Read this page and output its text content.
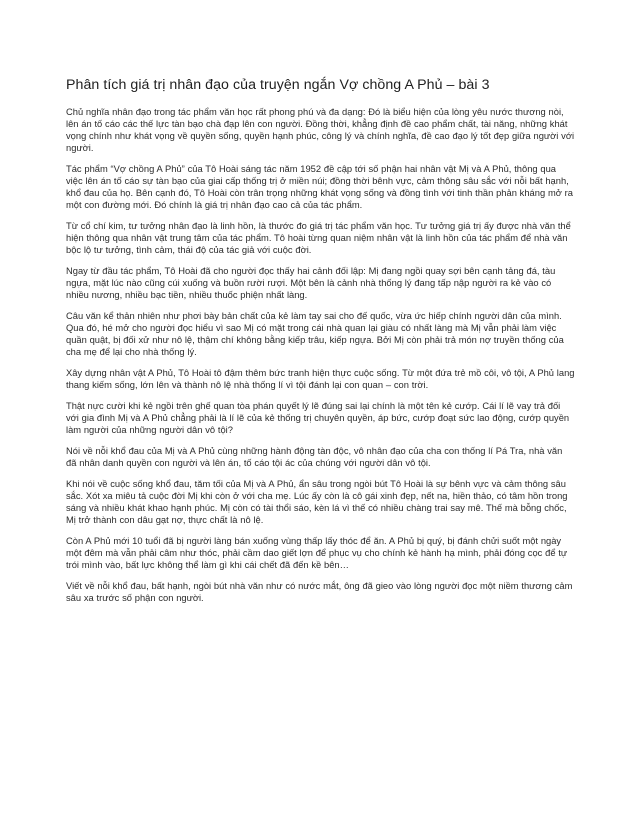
Phân tích giá trị nhân đạo của truyện ngắn Vợ chồng A Phủ – bài 3

Chủ nghĩa nhân đạo trong tác phẩm văn học rất phong phú và đa dạng: Đó là biểu hiện của lòng yêu nước thương nòi, lên án tố cáo các thế lực tàn bạo chà đạp lên con người. Đồng thời, khẳng định đề cao phẩm chất, tài năng, những khát vọng chính như khát vọng về quyền sống, quyền hạnh phúc, công lý và chính nghĩa, đề cao đạo lý tốt đẹp giữa người với người.

Tác phẩm “Vợ chồng A Phủ” của Tô Hoài sáng tác năm 1952 đề cập tới số phận hai nhân vật Mị và A Phủ, thông qua việc lên án tố cáo sự tàn bạo của giai cấp thống trị ở miền núi; đồng thời bênh vực, cảm thông sâu sắc với nỗi bất hạnh, khổ đau của họ. Bên cạnh đó, Tô Hoài còn trân trọng những khát vọng sống và đồng tình với tinh thần phản kháng mở ra một con đường mới. Đó chính là giá trị nhân đạo cao cả của tác phẩm.

Từ cổ chí kim, tư tưởng nhân đạo là linh hồn, là thước đo giá trị tác phẩm văn học. Tư tưởng giá trị ấy được nhà văn thể hiện thông qua nhân vật trung tâm của tác phẩm. Tô hoài từng quan niệm nhân vật là linh hồn của tác phẩm để nhà văn bộc lộ tư tưởng, tình cảm, thái độ của tác giả với cuộc đời.

Ngay từ đầu tác phẩm, Tô Hoài đã cho người đọc thấy hai cảnh đối lập: Mị đang ngồi quay sợi bên cạnh tảng đá, tàu ngựa, mặt lúc nào cũng cúi xuống và buồn rười rượi. Một bên là cảnh nhà thống lý đang tấp nập người ra kẻ vào có nhiều nương, nhiều bạc tiền, nhiều thuốc phiện nhất làng.

Câu văn kể thản nhiên như phơi bày bản chất của kẻ làm tay sai cho đế quốc, vừa ức hiếp chính người dân của mình. Qua đó, hé mở cho người đọc hiểu vì sao Mị có mặt trong cái nhà quan lại giàu có nhất làng mà Mị vẫn phải làm việc quần quật, bị đối xử như nô lệ, thậm chí không bằng kiếp trâu, kiếp ngựa. Bởi Mị còn phải trả món nợ truyền thống của cha mẹ để lại cho nhà thống lý.

Xây dựng nhân vật A Phủ, Tô Hoài tô đậm thêm bức tranh hiện thực cuộc sống. Từ một đứa trẻ mồ côi, vô tội, A Phủ lang thang kiếm sống, lớn lên và thành nô lệ nhà thống lí vì tội đánh lại con quan – con trời.

Thật nực cười khi kẻ ngồi trên ghế quan tòa phán quyết lý lẽ đúng sai lại chính là một tên kẻ cướp. Cái lí lẽ vay trả đối với gia đình Mị và A Phủ chẳng phải là lí lẽ của kẻ thống trị chuyên quyền, áp bức, cướp đoạt sức lao động, cướp quyền làm người của những người dân vô tội?

Nói về nỗi khổ đau của Mị và A Phủ cùng những hành động tàn độc, vô nhân đạo của cha con thống lí Pá Tra, nhà văn đã nhân danh quyền con người và lên án, tố cáo tội ác của chúng với người dân vô tội.

Khi nói về cuộc sống khổ đau, tăm tối của Mị và A Phủ, ẩn sâu trong ngòi bút Tô Hoài là sự bênh vực và cảm thông sâu sắc. Xót xa miêu tả cuộc đời Mị khi còn ở với cha mẹ. Lúc ấy còn là cô gái xinh đẹp, nết na, hiền thảo, có tâm hồn trong sáng và nhiều khát khao hạnh phúc. Mị còn có tài thổi sáo, kèn lá vì thế có nhiều chàng trai say mê. Thế mà bỗng chốc, Mị trở thành con dâu gạt nợ, thực chất là nô lệ.

Còn A Phủ mới 10 tuổi đã bị người làng bán xuống vùng thấp lấy thóc để ăn. A Phủ bị quý, bị đánh chửi suốt một ngày một đêm mà vẫn phải câm như thóc, phải cầm dao giết lợn để phục vụ cho chính kẻ hành hạ mình, phải đóng cọc để tự trói mình vào, bất lực không thể làm gì khi cái chết đã đến kề bên…

Viết về nỗi khổ đau, bất hạnh, ngòi bút nhà văn như có nước mắt, ông đã gieo vào lòng người đọc một niềm thương cảm sâu xa trước số phận con người.
